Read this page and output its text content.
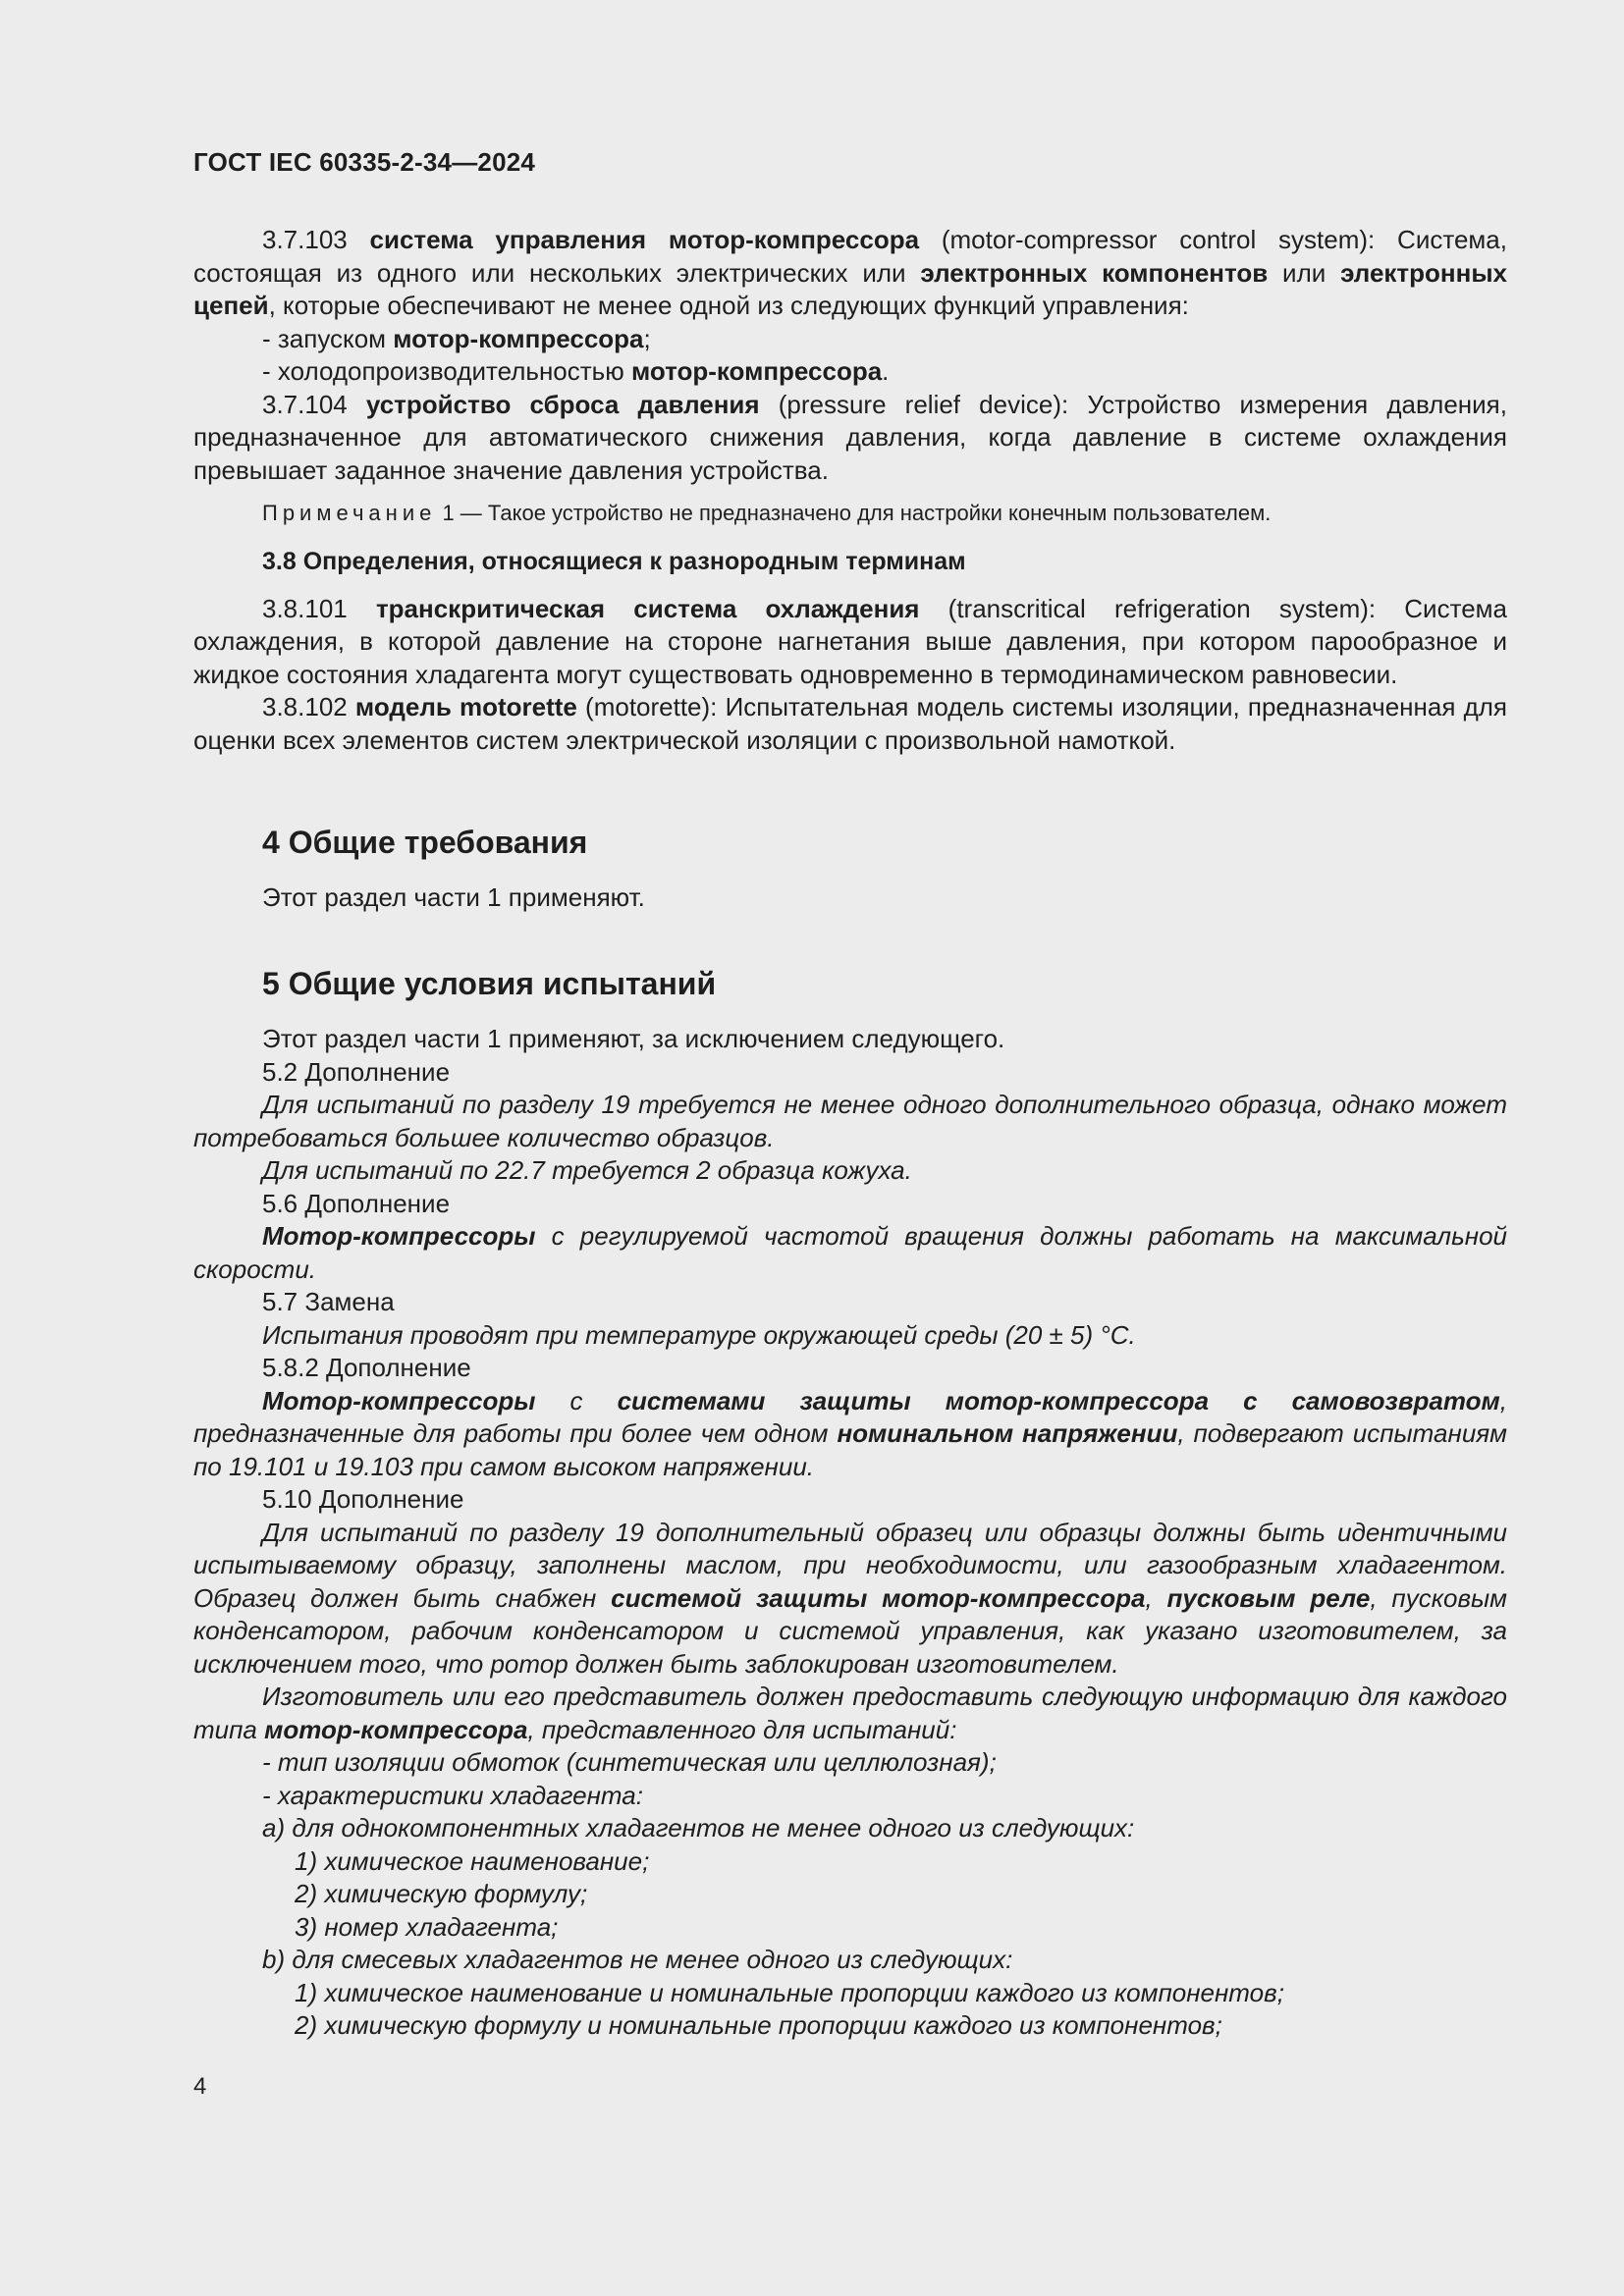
ГОСТ IEC 60335-2-34—2024

3.7.103 система управления мотор-компрессора (motor-compressor control system): Система, состоящая из одного или нескольких электрических или электронных компонентов или электронных цепей, которые обеспечивают не менее одной из следующих функций управления:

- запуском мотор-компрессора;

- холодопроизводительностью мотор-компрессора.

3.7.104 устройство сброса давления (pressure relief device): Устройство измерения давления, предназначенное для автоматического снижения давления, когда давление в системе охлаждения превышает заданное значение давления устройства.

Примечание 1 — Такое устройство не предназначено для настройки конечным пользователем.

3.8 Определения, относящиеся к разнородным терминам

3.8.101 транскритическая система охлаждения (transcritical refrigeration system): Система охлаждения, в которой давление на стороне нагнетания выше давления, при котором парообразное и жидкое состояния хладагента могут существовать одновременно в термодинамическом равновесии.

3.8.102 модель motorette (motorette): Испытательная модель системы изоляции, предназначенная для оценки всех элементов систем электрической изоляции с произвольной намоткой.

4 Общие требования

Этот раздел части 1 применяют.

5 Общие условия испытаний

Этот раздел части 1 применяют, за исключением следующего.

5.2 Дополнение

Для испытаний по разделу 19 требуется не менее одного дополнительного образца, однако может потребоваться большее количество образцов.

Для испытаний по 22.7 требуется 2 образца кожуха.

5.6 Дополнение

Мотор-компрессоры с регулируемой частотой вращения должны работать на максимальной скорости.

5.7 Замена

Испытания проводят при температуре окружающей среды (20 ± 5) °С.

5.8.2 Дополнение

Мотор-компрессоры с системами защиты мотор-компрессора с самовозвратом, предназначенные для работы при более чем одном номинальном напряжении, подвергают испытаниям по 19.101 и 19.103 при самом высоком напряжении.

5.10 Дополнение

Для испытаний по разделу 19 дополнительный образец или образцы должны быть идентичными испытываемому образцу, заполнены маслом, при необходимости, или газообразным хладагентом. Образец должен быть снабжен системой защиты мотор-компрессора, пусковым реле, пусковым конденсатором, рабочим конденсатором и системой управления, как указано изготовителем, за исключением того, что ротор должен быть заблокирован изготовителем.

Изготовитель или его представитель должен предоставить следующую информацию для каждого типа мотор-компрессора, представленного для испытаний:

- тип изоляции обмоток (синтетическая или целлюлозная);

- характеристики хладагента:

a) для однокомпонентных хладагентов не менее одного из следующих:

1) химическое наименование;

2) химическую формулу;

3) номер хладагента;

b) для смесевых хладагентов не менее одного из следующих:

1) химическое наименование и номинальные пропорции каждого из компонентов;

2) химическую формулу и номинальные пропорции каждого из компонентов;

4
